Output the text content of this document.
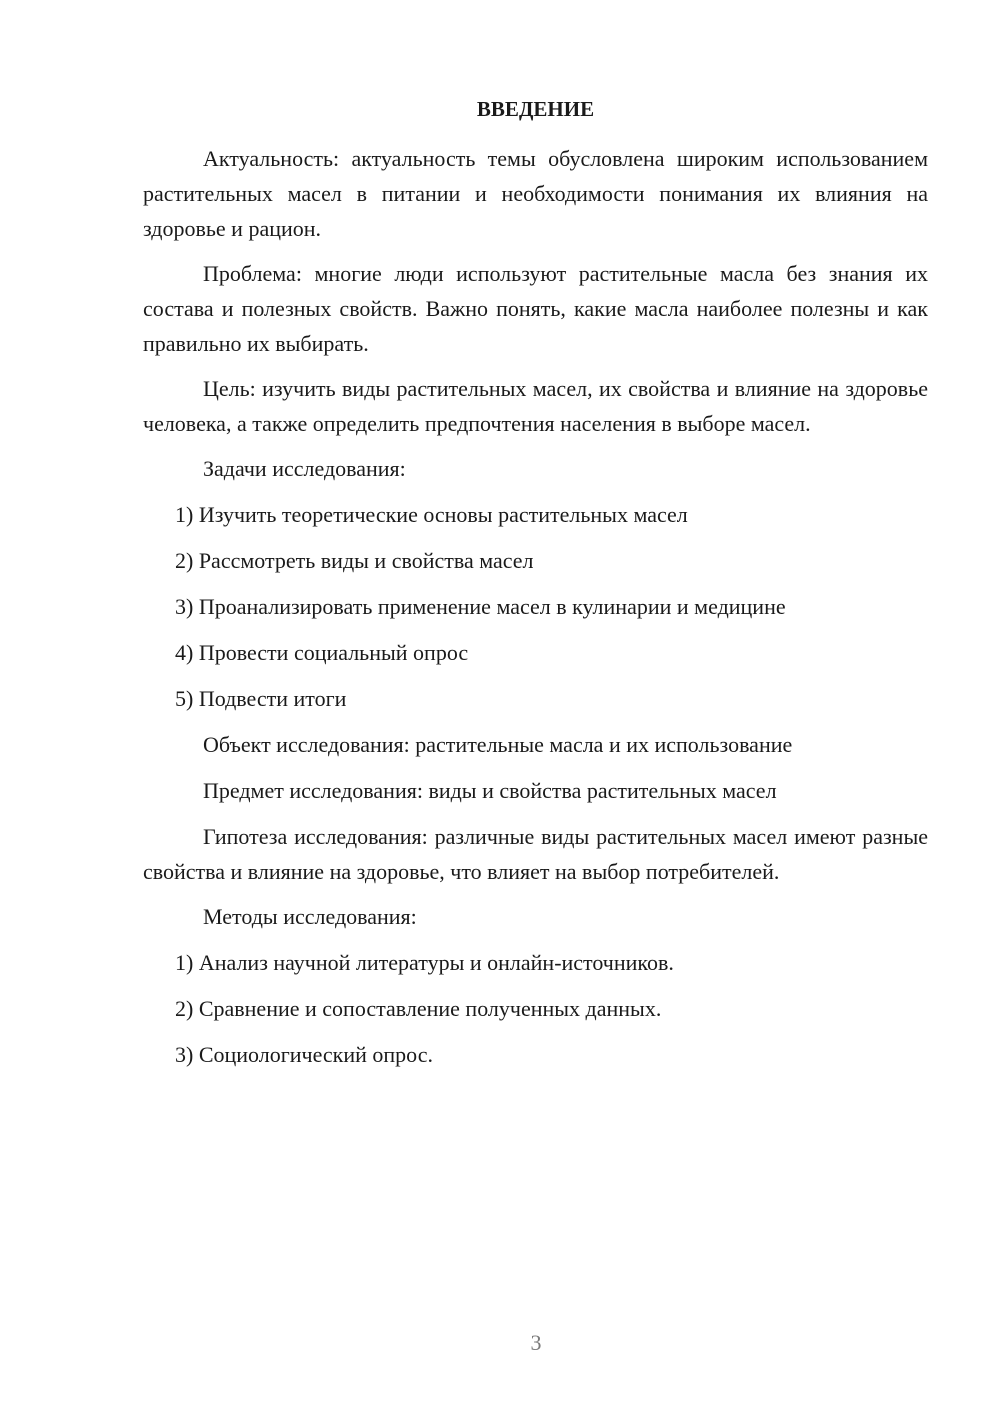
ВВЕДЕНИЕ

Актуальность: актуальность темы обусловлена широким использованием растительных масел в питании и необходимости понимания их влияния на здоровье и рацион.

Проблема: многие люди используют растительные масла без знания их состава и полезных свойств. Важно понять, какие масла наиболее полезны и как правильно их выбирать.

Цель: изучить виды растительных масел, их свойства и влияние на здоровье человека, а также определить предпочтения населения в выборе масел.

Задачи исследования:

1) Изучить теоретические основы растительных масел

2) Рассмотреть виды и свойства масел

3) Проанализировать применение масел в кулинарии и медицине

4) Провести социальный опрос

5) Подвести итоги

Объект исследования: растительные масла и их использование

Предмет исследования: виды и свойства растительных масел

Гипотеза исследования: различные виды растительных масел имеют разные свойства и влияние на здоровье, что влияет на выбор потребителей.

Методы исследования:

1) Анализ научной литературы и онлайн-источников.

2) Сравнение и сопоставление полученных данных.

3) Социологический опрос.

3
